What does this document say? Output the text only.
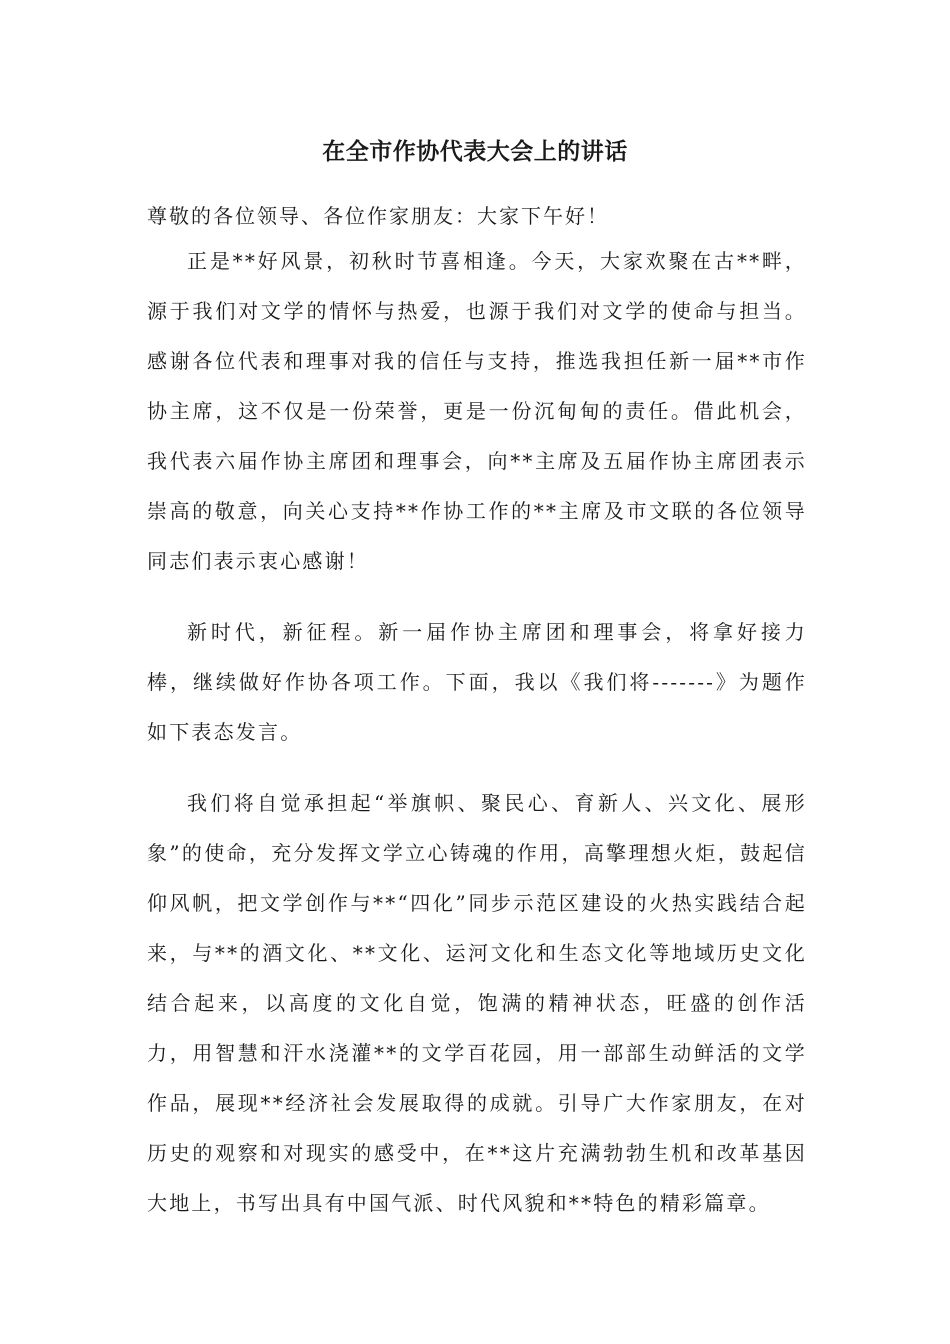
在全市作协代表大会上的讲话
尊敬的各位领导、各位作家朋友：大家下午好！

正是**好风景，初秋时节喜相逢。今天，大家欢聚在古**畔，源于我们对文学的情怀与热爱，也源于我们对文学的使命与担当。感谢各位代表和理事对我的信任与支持，推选我担任新一届**市作协主席，这不仅是一份荣誉，更是一份沉甸甸的责任。借此机会，我代表六届作协主席团和理事会，向**主席及五届作协主席团表示崇高的敬意，向关心支持**作协工作的**主席及市文联的各位领导同志们表示衷心感谢！

新时代，新征程。新一届作协主席团和理事会，将拿好接力棒，继续做好作协各项工作。下面，我以《我们将-------》为题作如下表态发言。

我们将自觉承担起“举旗帜、聚民心、育新人、兴文化、展形象”的使命，充分发挥文学立心铸魂的作用，高擎理想火炬，鼓起信仰风帆，把文学创作与**“四化”同步示范区建设的火热实践结合起来，与**的酒文化、**文化、运河文化和生态文化等地域历史文化结合起来，以高度的文化自觉，饱满的精神状态，旺盛的创作活力，用智慧和汗水浇灌**的文学百花园，用一部部生动鲜活的文学作品，展现**经济社会发展取得的成就。引导广大作家朋友，在对历史的观察和对现实的感受中，在**这片充满勃勃生机和改革基因大地上，书写出具有中国气派、时代风貌和**特色的精彩篇章。
